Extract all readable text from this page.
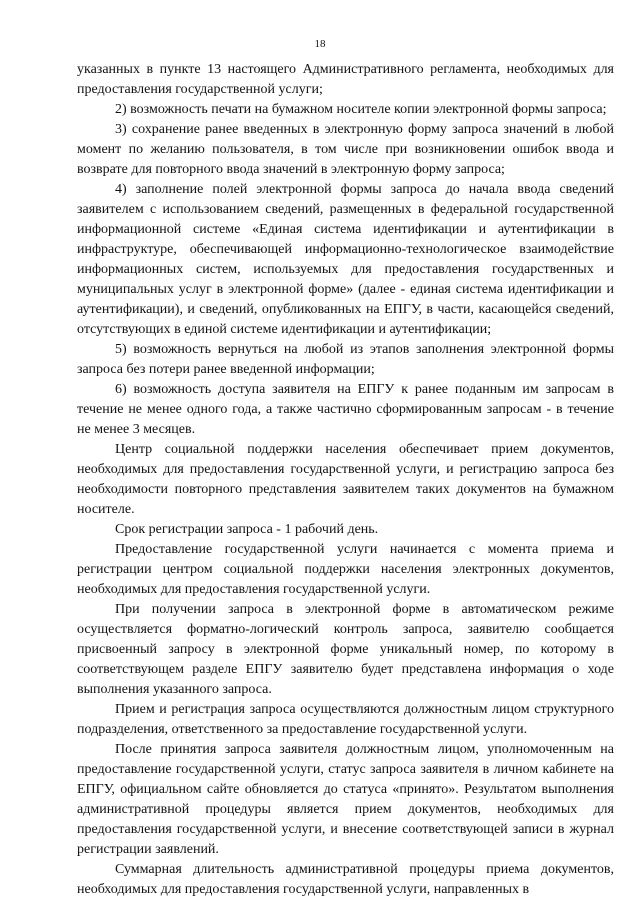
18

указанных в пункте 13 настоящего Административного регламента, необходимых для предоставления государственной услуги;

2) возможность печати на бумажном носителе копии электронной формы запроса;

3) сохранение ранее введенных в электронную форму запроса значений в любой момент по желанию пользователя, в том числе при возникновении ошибок ввода и возврате для повторного ввода значений в электронную форму запроса;

4) заполнение полей электронной формы запроса до начала ввода сведений заявителем с использованием сведений, размещенных в федеральной государственной информационной системе «Единая система идентификации и аутентификации в инфраструктуре, обеспечивающей информационно-технологическое взаимодействие информационных систем, используемых для предоставления государственных и муниципальных услуг в электронной форме» (далее - единая система идентификации и аутентификации), и сведений, опубликованных на ЕПГУ, в части, касающейся сведений, отсутствующих в единой системе идентификации и аутентификации;

5) возможность вернуться на любой из этапов заполнения электронной формы запроса без потери ранее введенной информации;

6) возможность доступа заявителя на ЕПГУ к ранее поданным им запросам в течение не менее одного года, а также частично сформированным запросам - в течение не менее 3 месяцев.

Центр социальной поддержки населения обеспечивает прием документов, необходимых для предоставления государственной услуги, и регистрацию запроса без необходимости повторного представления заявителем таких документов на бумажном носителе.

Срок регистрации запроса - 1 рабочий день.

Предоставление государственной услуги начинается с момента приема и регистрации центром социальной поддержки населения электронных документов, необходимых для предоставления государственной услуги.

При получении запроса в электронной форме в автоматическом режиме осуществляется форматно-логический контроль запроса, заявителю сообщается присвоенный запросу в электронной форме уникальный номер, по которому в соответствующем разделе ЕПГУ заявителю будет представлена информация о ходе выполнения указанного запроса.

Прием и регистрация запроса осуществляются должностным лицом структурного подразделения, ответственного за предоставление государственной услуги.

После принятия запроса заявителя должностным лицом, уполномоченным на предоставление государственной услуги, статус запроса заявителя в личном кабинете на ЕПГУ, официальном сайте обновляется до статуса «принято». Результатом выполнения административной процедуры является прием документов, необходимых для предоставления государственной услуги, и внесение соответствующей записи в журнал регистрации заявлений.

Суммарная длительность административной процедуры приема документов, необходимых для предоставления государственной услуги, направленных в
